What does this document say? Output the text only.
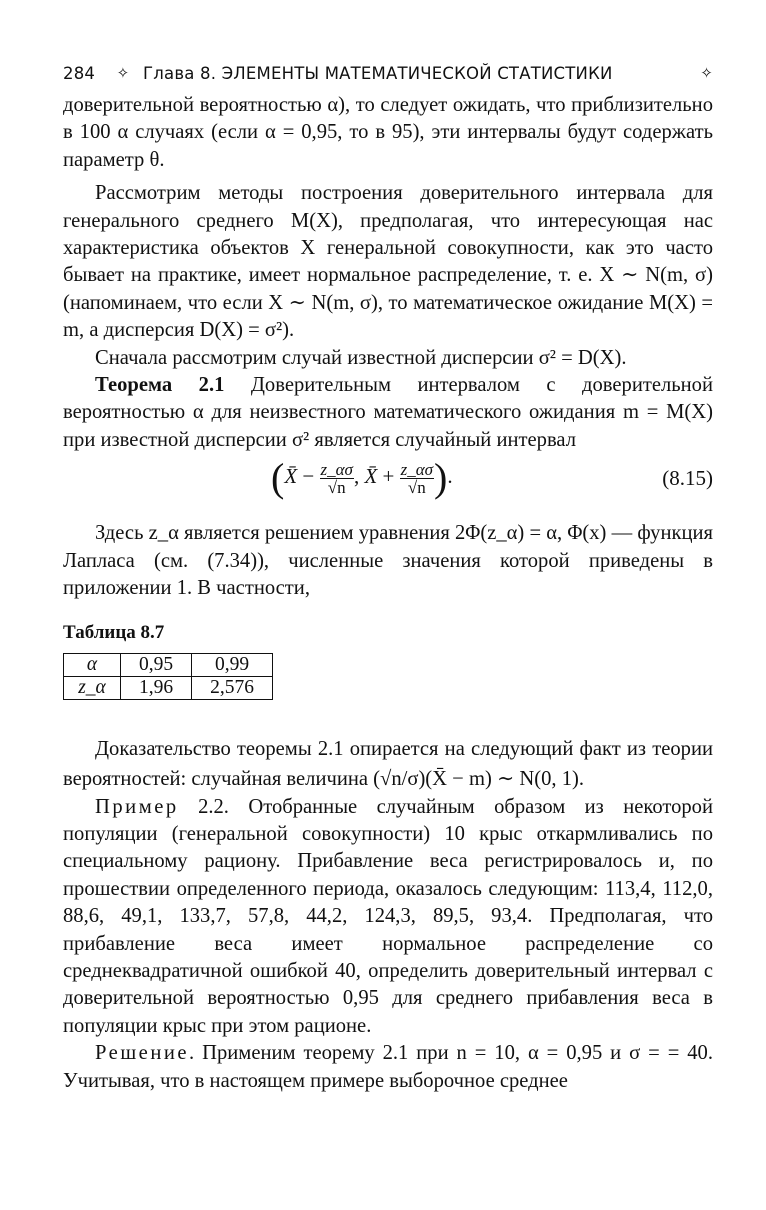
284	✧ Глава 8. ЭЛЕМЕНТЫ МАТЕМАТИЧЕСКОЙ СТАТИСТИКИ	✧

доверительной вероятностью α), то следует ожидать, что приблизительно в 100 α случаях (если α = 0,95, то в 95), эти интервалы будут содержать параметр θ.

Рассмотрим методы построения доверительного интервала для генерального среднего M(X), предполагая, что интересующая нас характеристика объектов X генеральной совокупности, как это часто бывает на практике, имеет нормальное распределение, т. е. X ∼ N(m, σ) (напоминаем, что если X ∼ N(m, σ), то математическое ожидание M(X) = m, а дисперсия D(X) = σ²).

Сначала рассмотрим случай известной дисперсии σ² = D(X).

Теорема 2.1 Доверительным интервалом с доверительной вероятностью α для неизвестного математического ожидания m = M(X) при известной дисперсии σ² является случайный интервал

(X̄ − $\frac{z\_\alpha\sigma}{√n}$ , X̄ + $\frac{z\_\alpha\sigma}{√n}$ ).	(8.15)

Здесь z_α является решением уравнения 2Φ(z_α) = α, Φ(x) — функция Лапласа (см. (7.34)), численные значения которой приведены в приложении 1. В частности,

Таблица 8.7
α	0,95	0,99
z_α	1,96	2,576

Доказательство теоремы 2.1 опирается на следующий факт из теории вероятностей: случайная величина (√n/σ)(X̄ − m) ∼ N(0, 1).

Пример 2.2. Отобранные случайным образом из некоторой популяции (генеральной совокупности) 10 крыс откармливались по специальному рациону. Прибавление веса регистрировалось и, по прошествии определенного периода, оказалось следующим: 113,4, 112,0, 88,6, 49,1, 133,7, 57,8, 44,2, 124,3, 89,5, 93,4. Предполагая, что прибавление веса имеет нормальное распределение со среднеквадратичной ошибкой 40, определить доверительный интервал с доверительной вероятностью 0,95 для среднего прибавления веса в популяции крыс при этом рационе.

Решение. Применим теорему 2.1 при n = 10, α = 0,95 и σ = = 40. Учитывая, что в настоящем примере выборочное среднее
